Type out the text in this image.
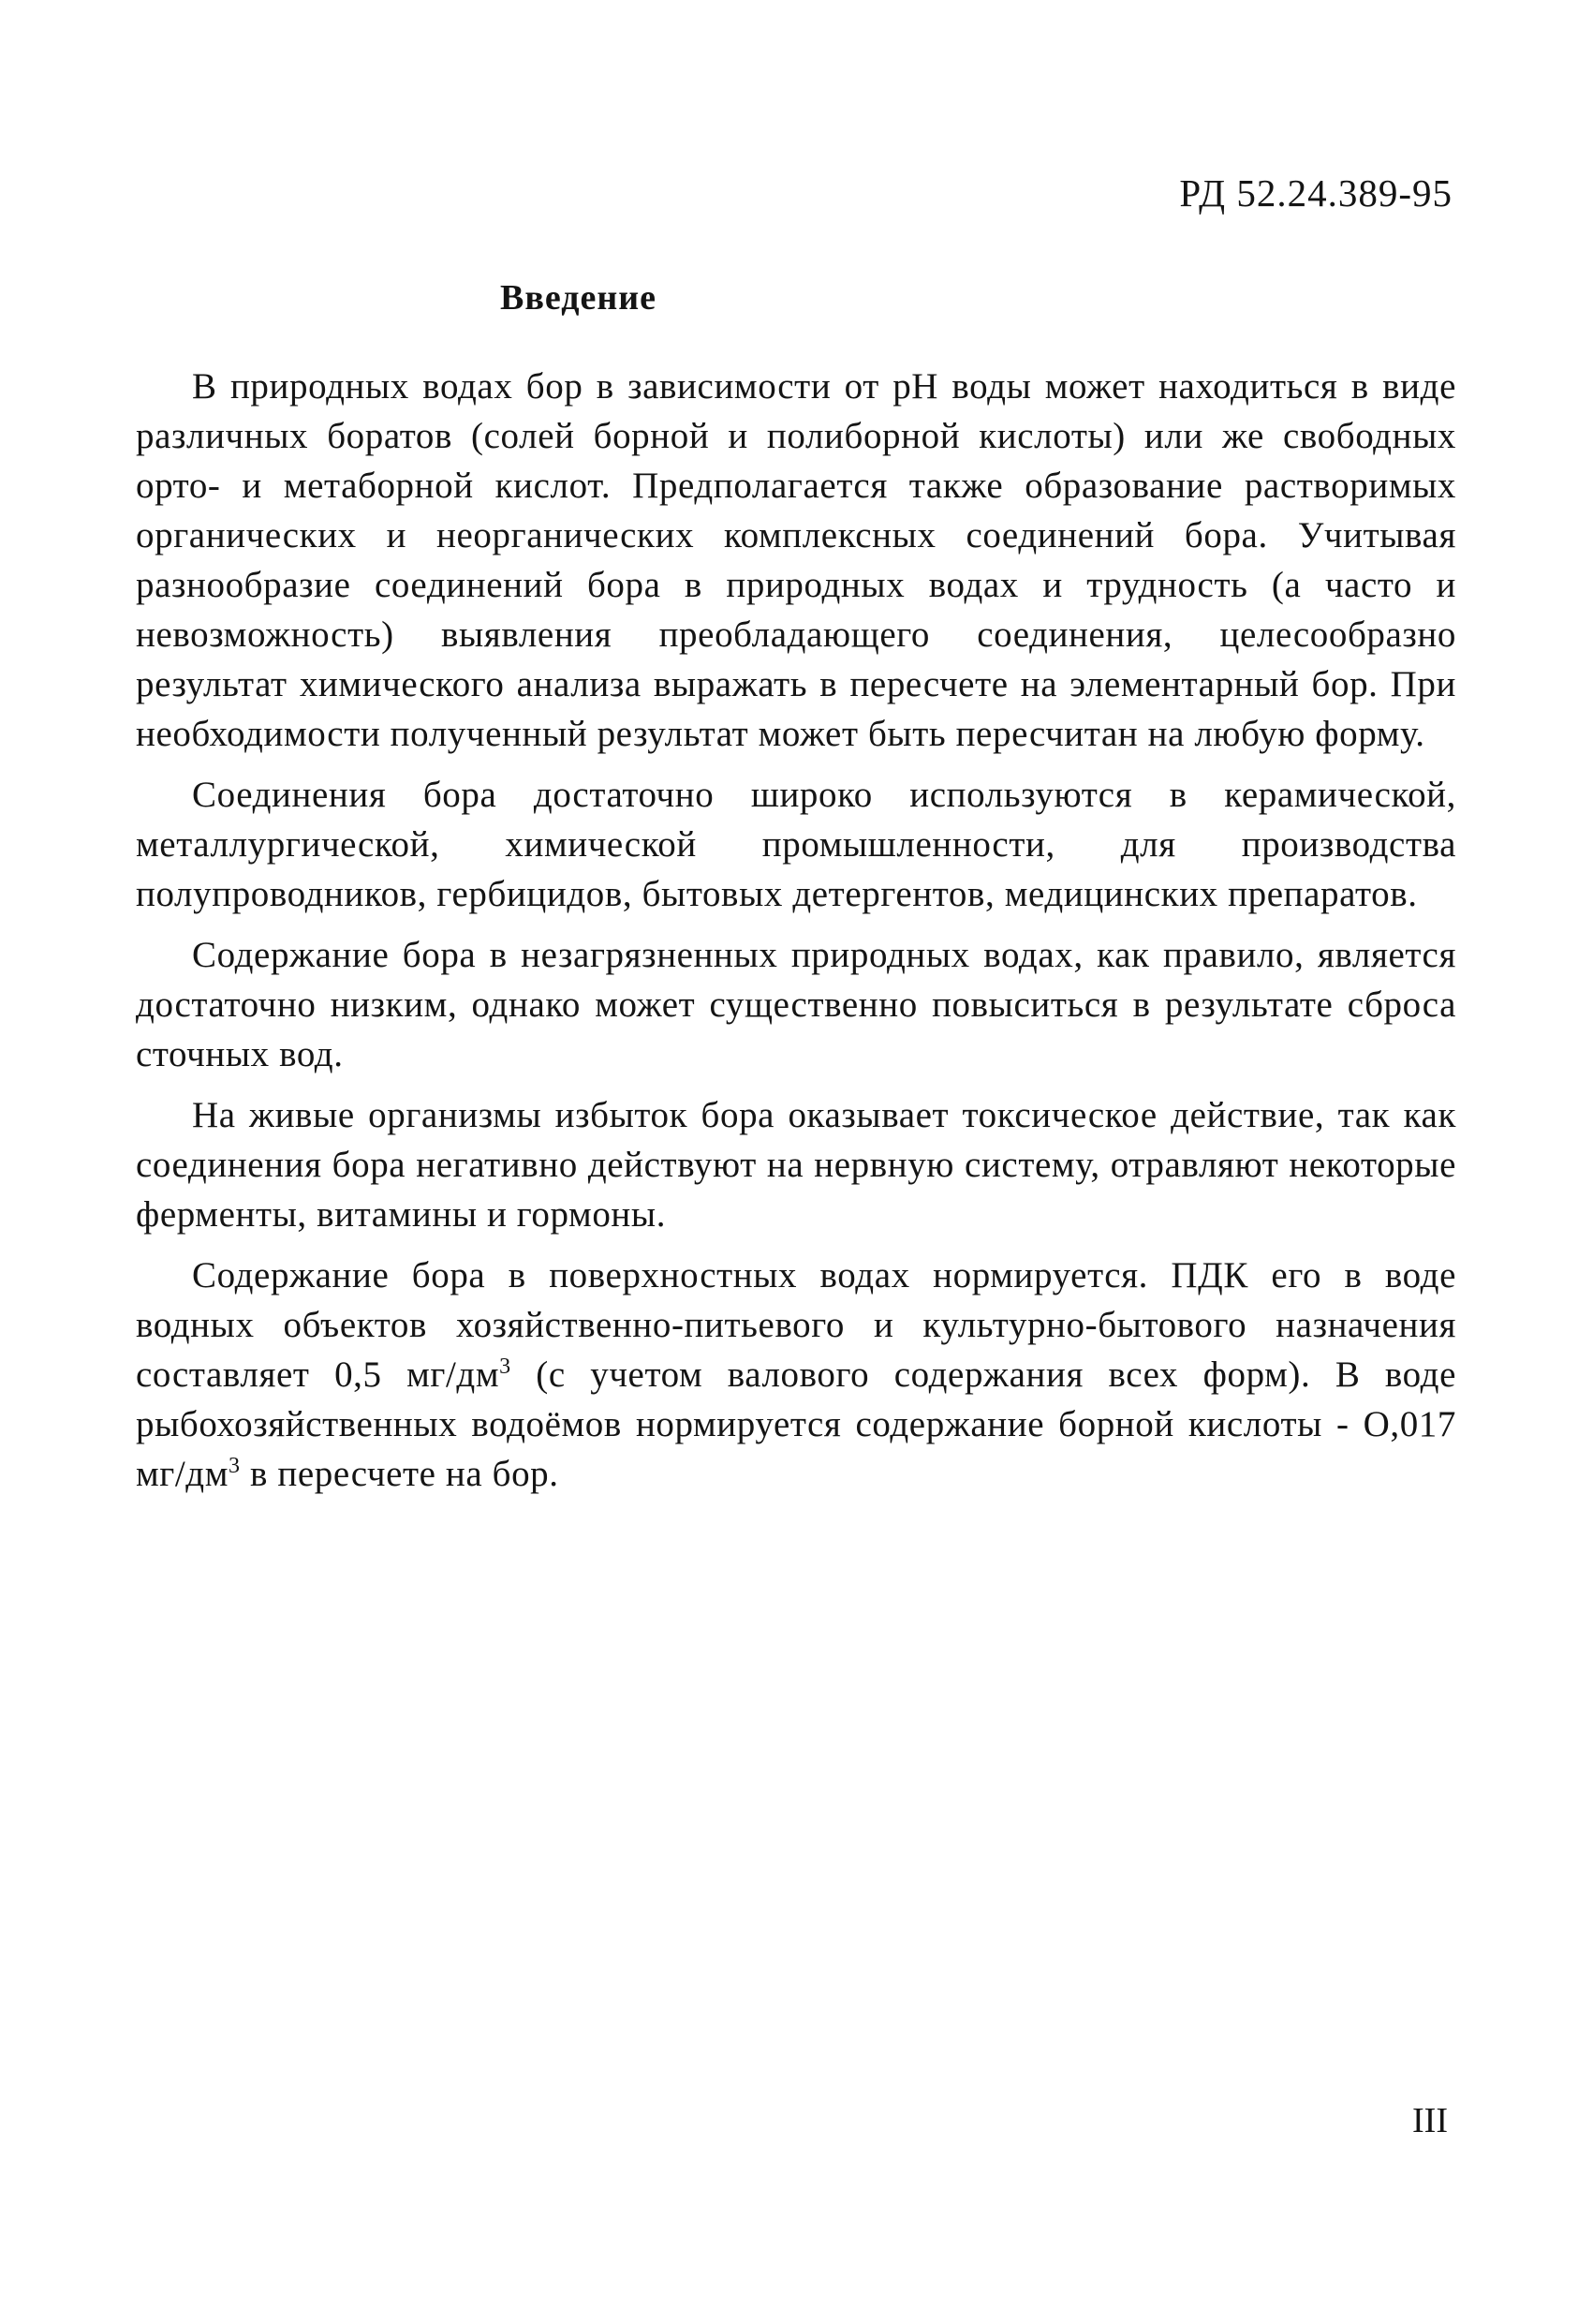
РД 52.24.389-95

Введение

В природных водах бор в зависимости от pH воды может находиться в виде различных боратов (солей борной и полиборной кислоты) или же свободных орто- и метаборной кислот. Предполагается также образование растворимых органических и неорганических комплексных соединений бора. Учитывая разнообразие соединений бора в природных водах и трудность (а часто и невозможность) выявления преобладающего соединения, целесообразно результат химического анализа выражать в пересчете на элементарный бор. При необходимости полученный результат может быть пересчитан на любую форму.

Соединения бора достаточно широко используются в керамической, металлургической, химической промышленности, для производства полупроводников, гербицидов, бытовых детергентов, медицинских препаратов.

Содержание бора в незагрязненных природных водах, как правило, является достаточно низким, однако может существенно повыситься в результате сброса сточных вод.

На живые организмы избыток бора оказывает токсическое действие, так как соединения бора негативно действуют на нервную систему, отравляют некоторые ферменты, витамины и гормоны.

Содержание бора в поверхностных водах нормируется. ПДК его в воде водных объектов хозяйственно-питьевого и культурно-бытового назначения составляет 0,5 $мг/дм^3$ (с учетом валового содержания всех форм). В воде рыбохозяйственных водоёмов нормируется содержание борной кислоты - О,017 $мг/дм^3$ в пересчете на бор.

III
